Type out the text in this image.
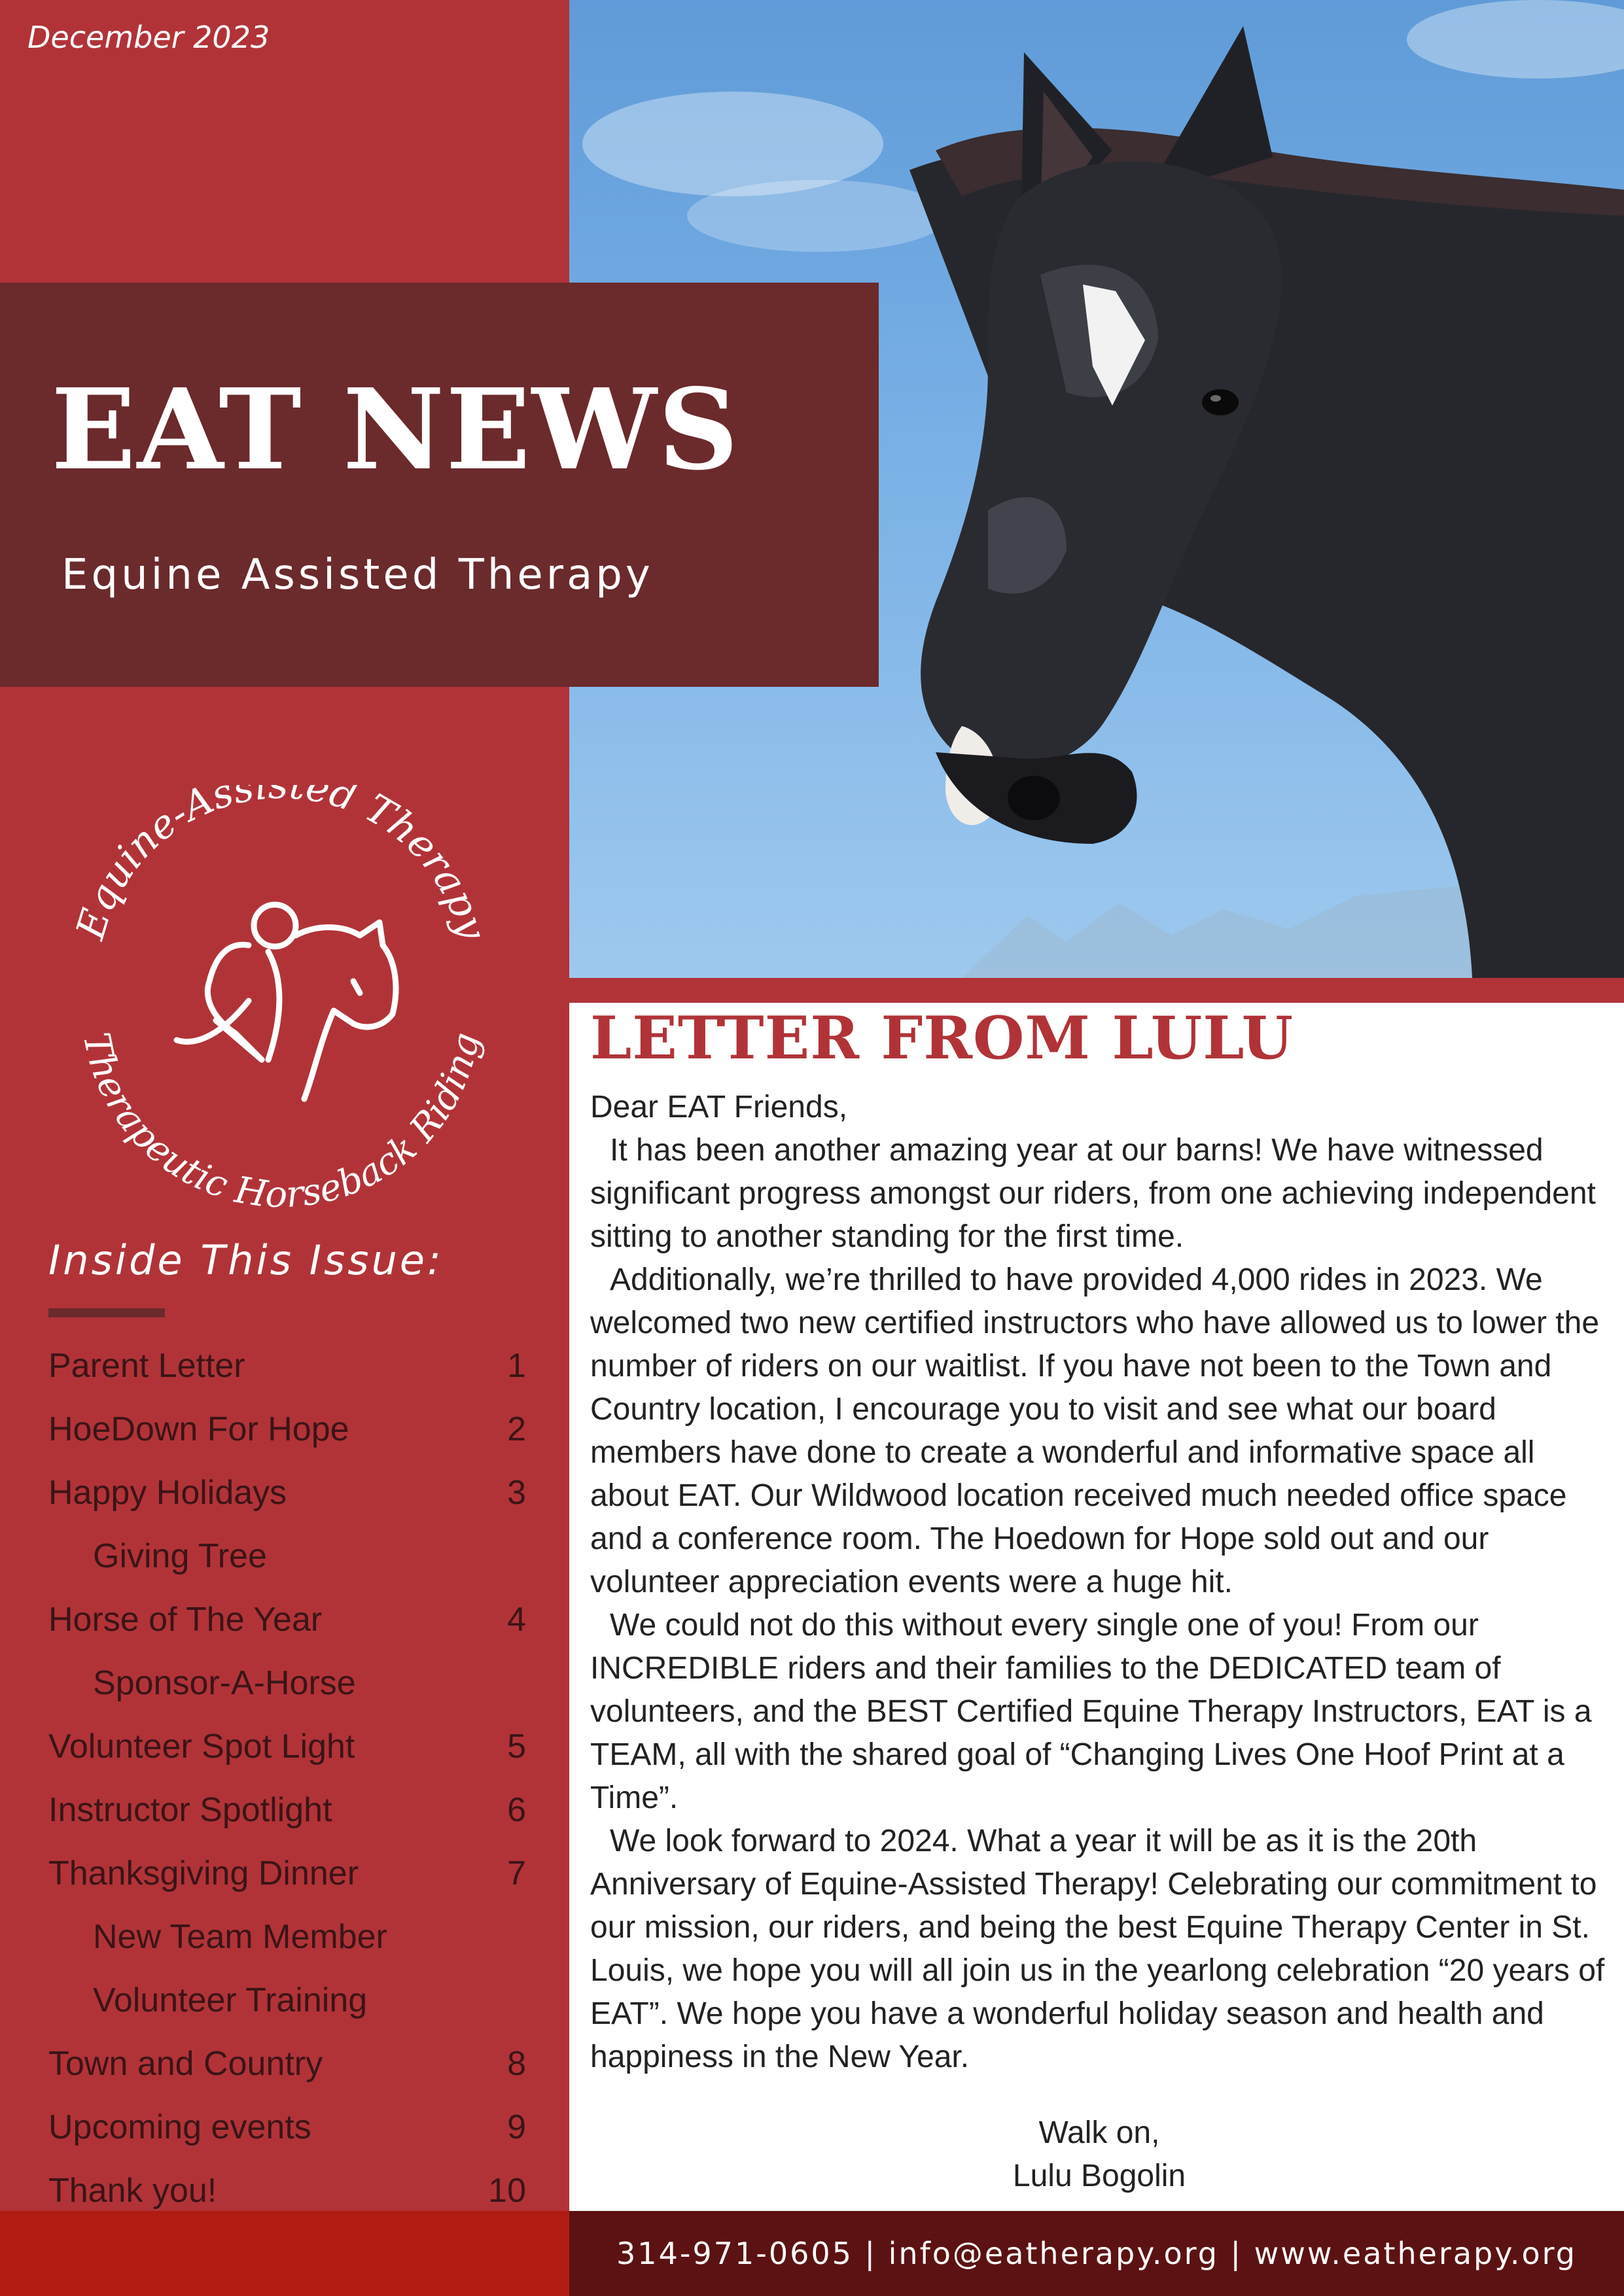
December 2023
EAT NEWS

Equine Assisted Therapy

Equine-Assisted Therapy
Therapeutic Horseback Riding
Inside This Issue:
Parent Letter	1
HoeDown For Hope	2
Happy Holidays	3
Giving Tree
Horse of The Year	4
Sponsor-A-Horse
Volunteer Spot Light	5
Instructor Spotlight	6
Thanksgiving Dinner	7
New Team Member
Volunteer Training
Town and Country	8
Upcoming events	9
Thank you!	10
LETTER FROM LULU

Dear EAT Friends,

It has been another amazing year at our barns! We have witnessed significant progress amongst our riders, from one achieving independent sitting to another standing for the first time.

Additionally, we’re thrilled to have provided 4,000 rides in 2023. We welcomed two new certified instructors who have allowed us to lower the number of riders on our waitlist. If you have not been to the Town and Country location, I encourage you to visit and see what our board members have done to create a wonderful and informative space all about EAT. Our Wildwood location received much needed office space and a conference room. The Hoedown for Hope sold out and our volunteer appreciation events were a huge hit.

We could not do this without every single one of you! From our INCREDIBLE riders and their families to the DEDICATED team of volunteers, and the BEST Certified Equine Therapy Instructors, EAT is a TEAM, all with the shared goal of “Changing Lives One Hoof Print at a Time”.

We look forward to 2024. What a year it will be as it is the 20th Anniversary of Equine-Assisted Therapy! Celebrating our commitment to our mission, our riders, and being the best Equine Therapy Center in St. Louis, we hope you will all join us in the yearlong celebration “20 years of EAT”. We hope you have a wonderful holiday season and health and happiness in the New Year.

Walk on,
Lulu Bogolin
314-971-0605 | info@eatherapy.org | www.eatherapy.org
